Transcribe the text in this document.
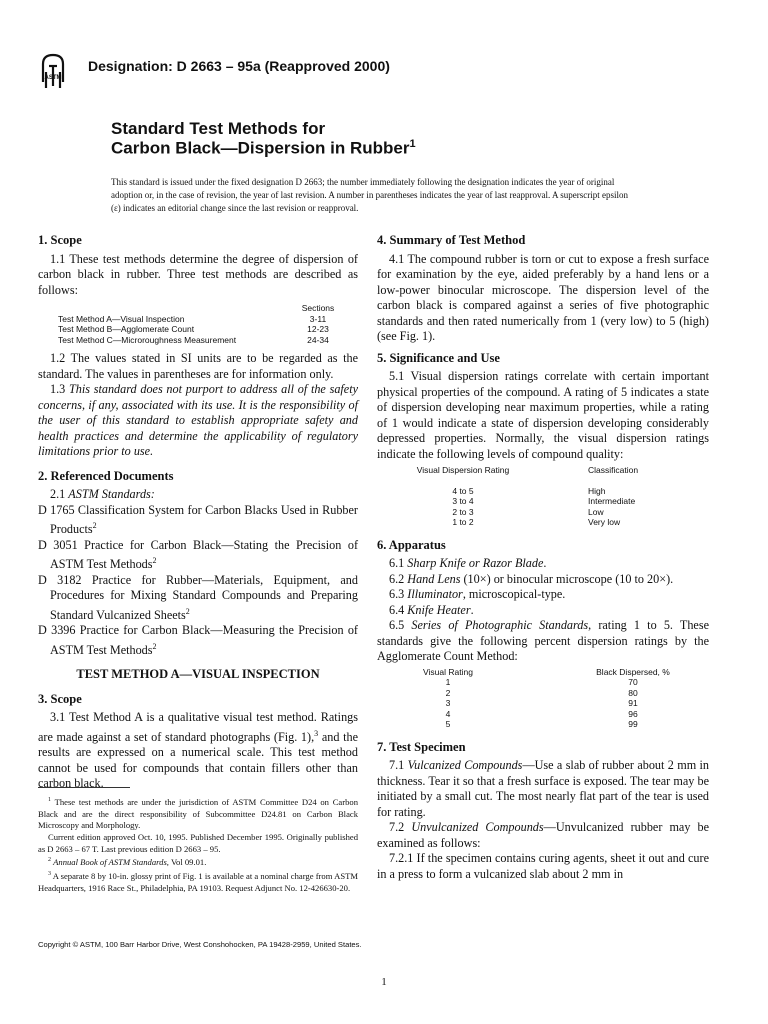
ASTM
Designation: D 2663 – 95a (Reapproved 2000)
Standard Test Methods for
Carbon Black—Dispersion in Rubber$^1$
This standard is issued under the fixed designation D 2663; the number immediately following the designation indicates the year of original adoption or, in the case of revision, the year of last revision. A number in parentheses indicates the year of last reapproval. A superscript epsilon (ε) indicates an editorial change since the last revision or reapproval.

1. Scope

1.1 These test methods determine the degree of dispersion of carbon black in rubber. Three test methods are described as follows:

	Sections
Test Method A—Visual Inspection	3-11
Test Method B—Agglomerate Count	12-23
Test Method C—Microroughness Measurement	24-34

1.2 The values stated in SI units are to be regarded as the standard. The values in parentheses are for information only.

1.3 This standard does not purport to address all of the safety concerns, if any, associated with its use. It is the responsibility of the user of this standard to establish appropriate safety and health practices and determine the applicability of regulatory limitations prior to use.

2. Referenced Documents

2.1 ASTM Standards:

D 1765 Classification System for Carbon Blacks Used in Rubber Products$^2$

D 3051 Practice for Carbon Black—Stating the Precision of ASTM Test Methods$^2$

D 3182 Practice for Rubber—Materials, Equipment, and Procedures for Mixing Standard Compounds and Preparing Standard Vulcanized Sheets$^2$

D 3396 Practice for Carbon Black—Measuring the Precision of ASTM Test Methods$^2$

TEST METHOD A—VISUAL INSPECTION

3. Scope

3.1 Test Method A is a qualitative visual test method. Ratings are made against a set of standard photographs (Fig. 1),$^3$ and the results are expressed on a numerical scale. This test method cannot be used for compounds that contain fillers other than carbon black.

4. Summary of Test Method

4.1 The compound rubber is torn or cut to expose a fresh surface for examination by the eye, aided preferably by a hand lens or a low-power binocular microscope. The dispersion level of the carbon black is compared against a series of five photographic standards and then rated numerically from 1 (very low) to 5 (high) (see Fig. 1).

5. Significance and Use

5.1 Visual dispersion ratings correlate with certain important physical properties of the compound. A rating of 5 indicates a state of dispersion developing near maximum properties, while a rating of 1 would indicate a state of dispersion developing considerably depressed properties. Normally, the visual dispersion ratings indicate the following levels of compound quality:

Visual Dispersion Rating	Classification
4 to 5	High
3 to 4	Intermediate
2 to 3	Low
1 to 2	Very low

6. Apparatus

6.1 Sharp Knife or Razor Blade.

6.2 Hand Lens (10×) or binocular microscope (10 to 20×).

6.3 Illuminator, microscopical-type.

6.4 Knife Heater.

6.5 Series of Photographic Standards, rating 1 to 5. These standards give the following percent dispersion ratings by the Agglomerate Count Method:

Visual Rating	Black Dispersed, %
1	70
2	80
3	91
4	96
5	99

7. Test Specimen

7.1 Vulcanized Compounds—Use a slab of rubber about 2 mm in thickness. Tear it so that a fresh surface is exposed. The tear may be initiated by a small cut. The most nearly flat part of the tear is used for rating.

7.2 Unvulcanized Compounds—Unvulcanized rubber may be examined as follows:

7.2.1 If the specimen contains curing agents, sheet it out and cure in a press to form a vulcanized slab about 2 mm in

$^1$ These test methods are under the jurisdiction of ASTM Committee D24 on Carbon Black and are the direct responsibility of Subcommittee D24.81 on Carbon Black Microscopy and Morphology.

Current edition approved Oct. 10, 1995. Published December 1995. Originally published as D 2663 – 67 T. Last previous edition D 2663 – 95.

$^2$ Annual Book of ASTM Standards, Vol 09.01.

$^3$ A separate 8 by 10-in. glossy print of Fig. 1 is available at a nominal charge from ASTM Headquarters, 1916 Race St., Philadelphia, PA 19103. Request Adjunct No. 12-426630-20.

Copyright © ASTM, 100 Barr Harbor Drive, West Conshohocken, PA 19428-2959, United States.
1
